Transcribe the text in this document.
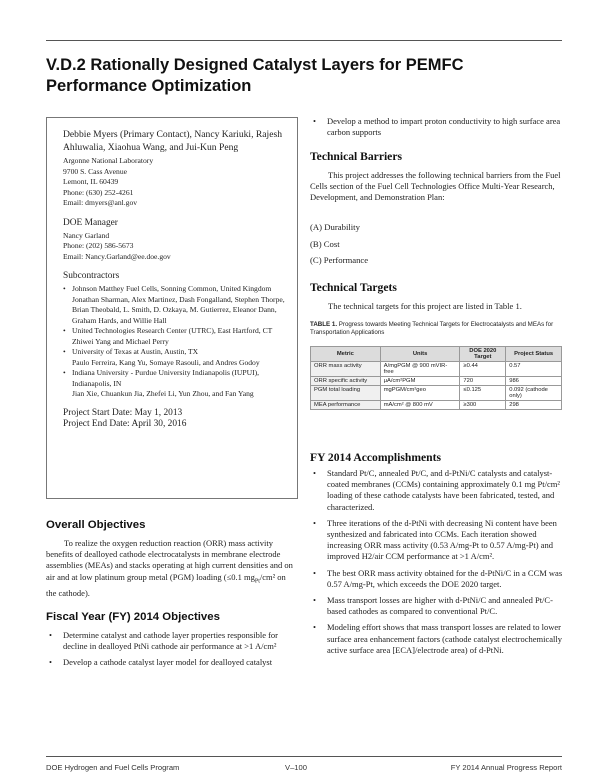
V.D.2 Rationally Designed Catalyst Layers for PEMFC Performance Optimization
Debbie Myers (Primary Contact), Nancy Kariuki, Rajesh Ahluwalia, Xiaohua Wang, and Jui-Kun Peng
Argonne National Laboratory
9700 S. Cass Avenue
Lemont, IL 60439
Phone: (630) 252-4261
Email: dmyers@anl.gov
DOE Manager
Nancy Garland
Phone: (202) 586-5673
Email: Nancy.Garland@ee.doe.gov
Subcontractors
• Johnson Matthey Fuel Cells, Sonning Common, United Kingdom
Jonathan Sharman, Alex Martinez, Dash Fongalland, Stephen Thorpe, Brian Theobald, L. Smith, D. Ozkaya, M. Gutierrez, Eleanor Dann, Graham Hards, and Willie Hall
• United Technologies Research Center (UTRC), East Hartford, CT
Zhiwei Yang and Michael Perry
• University of Texas at Austin, Austin, TX
Paulo Ferreira, Kang Yu, Somaye Rasouli, and Andres Godoy
• Indiana University - Purdue University Indianapolis (IUPUI), Indianapolis, IN
Jian Xie, Chuankun Jia, Zhefei Li, Yun Zhou, and Fan Yang
Project Start Date: May 1, 2013
Project End Date: April 30, 2016
Overall Objectives
To realize the oxygen reduction reaction (ORR) mass activity benefits of dealloyed cathode electrocatalysts in membrane electrode assemblies (MEAs) and stacks operating at high current densities and on air and at low platinum group metal (PGM) loading (≤0.1 $mg_{Pt}$/cm² on the cathode).
Fiscal Year (FY) 2014 Objectives
• Determine catalyst and cathode layer properties responsible for decline in dealloyed PtNi cathode air performance at >1 A/cm²
• Develop a cathode catalyst layer model for dealloyed catalyst
• Develop a method to impart proton conductivity to high surface area carbon supports
Technical Barriers
This project addresses the following technical barriers from the Fuel Cells section of the Fuel Cell Technologies Office Multi-Year Research, Development, and Demonstration Plan:
(A) Durability
(B) Cost
(C) Performance
Technical Targets
The technical targets for this project are listed in Table 1.
TABLE 1. Progress towards Meeting Technical Targets for Electrocatalysts and MEAs for Transportation Applications
Metric	Units	DOE 2020 Target	Project Status
ORR mass activity	A/mgPGM @ 900 mVIR-free	≥0.44	0.57
ORR specific activity	μA/cm²PGM	720	986
PGM total loading	mgPGM/cm²geo	≤0.125	0.092 (cathode only)
MEA performance	mA/cm² @ 800 mV	≥300	298
FY 2014 Accomplishments
• Standard Pt/C, annealed Pt/C, and d-PtNi/C catalysts and catalyst-coated membranes (CCMs) containing approximately 0.1 mg Pt/cm² loading of these cathode catalysts have been fabricated, tested, and characterized.
• Three iterations of the d-PtNi with decreasing Ni content have been synthesized and fabricated into CCMs. Each iteration showed increasing ORR mass activity (0.53 A/mg-Pt to 0.57 A/mg-Pt) and improved H2/air CCM performance at >1 A/cm².
• The best ORR mass activity obtained for the d-PtNi/C in a CCM was 0.57 A/mg-Pt, which exceeds the DOE 2020 target.
• Mass transport losses are higher with d-PtNi/C and annealed Pt/C-based cathodes as compared to conventional Pt/C.
• Modeling effort shows that mass transport losses are related to lower surface area enhancement factors (cathode catalyst electrochemically active surface area [ECA]/electrode area) of d-PtNi.
DOE Hydrogen and Fuel Cells Program	V–100	FY 2014 Annual Progress Report
